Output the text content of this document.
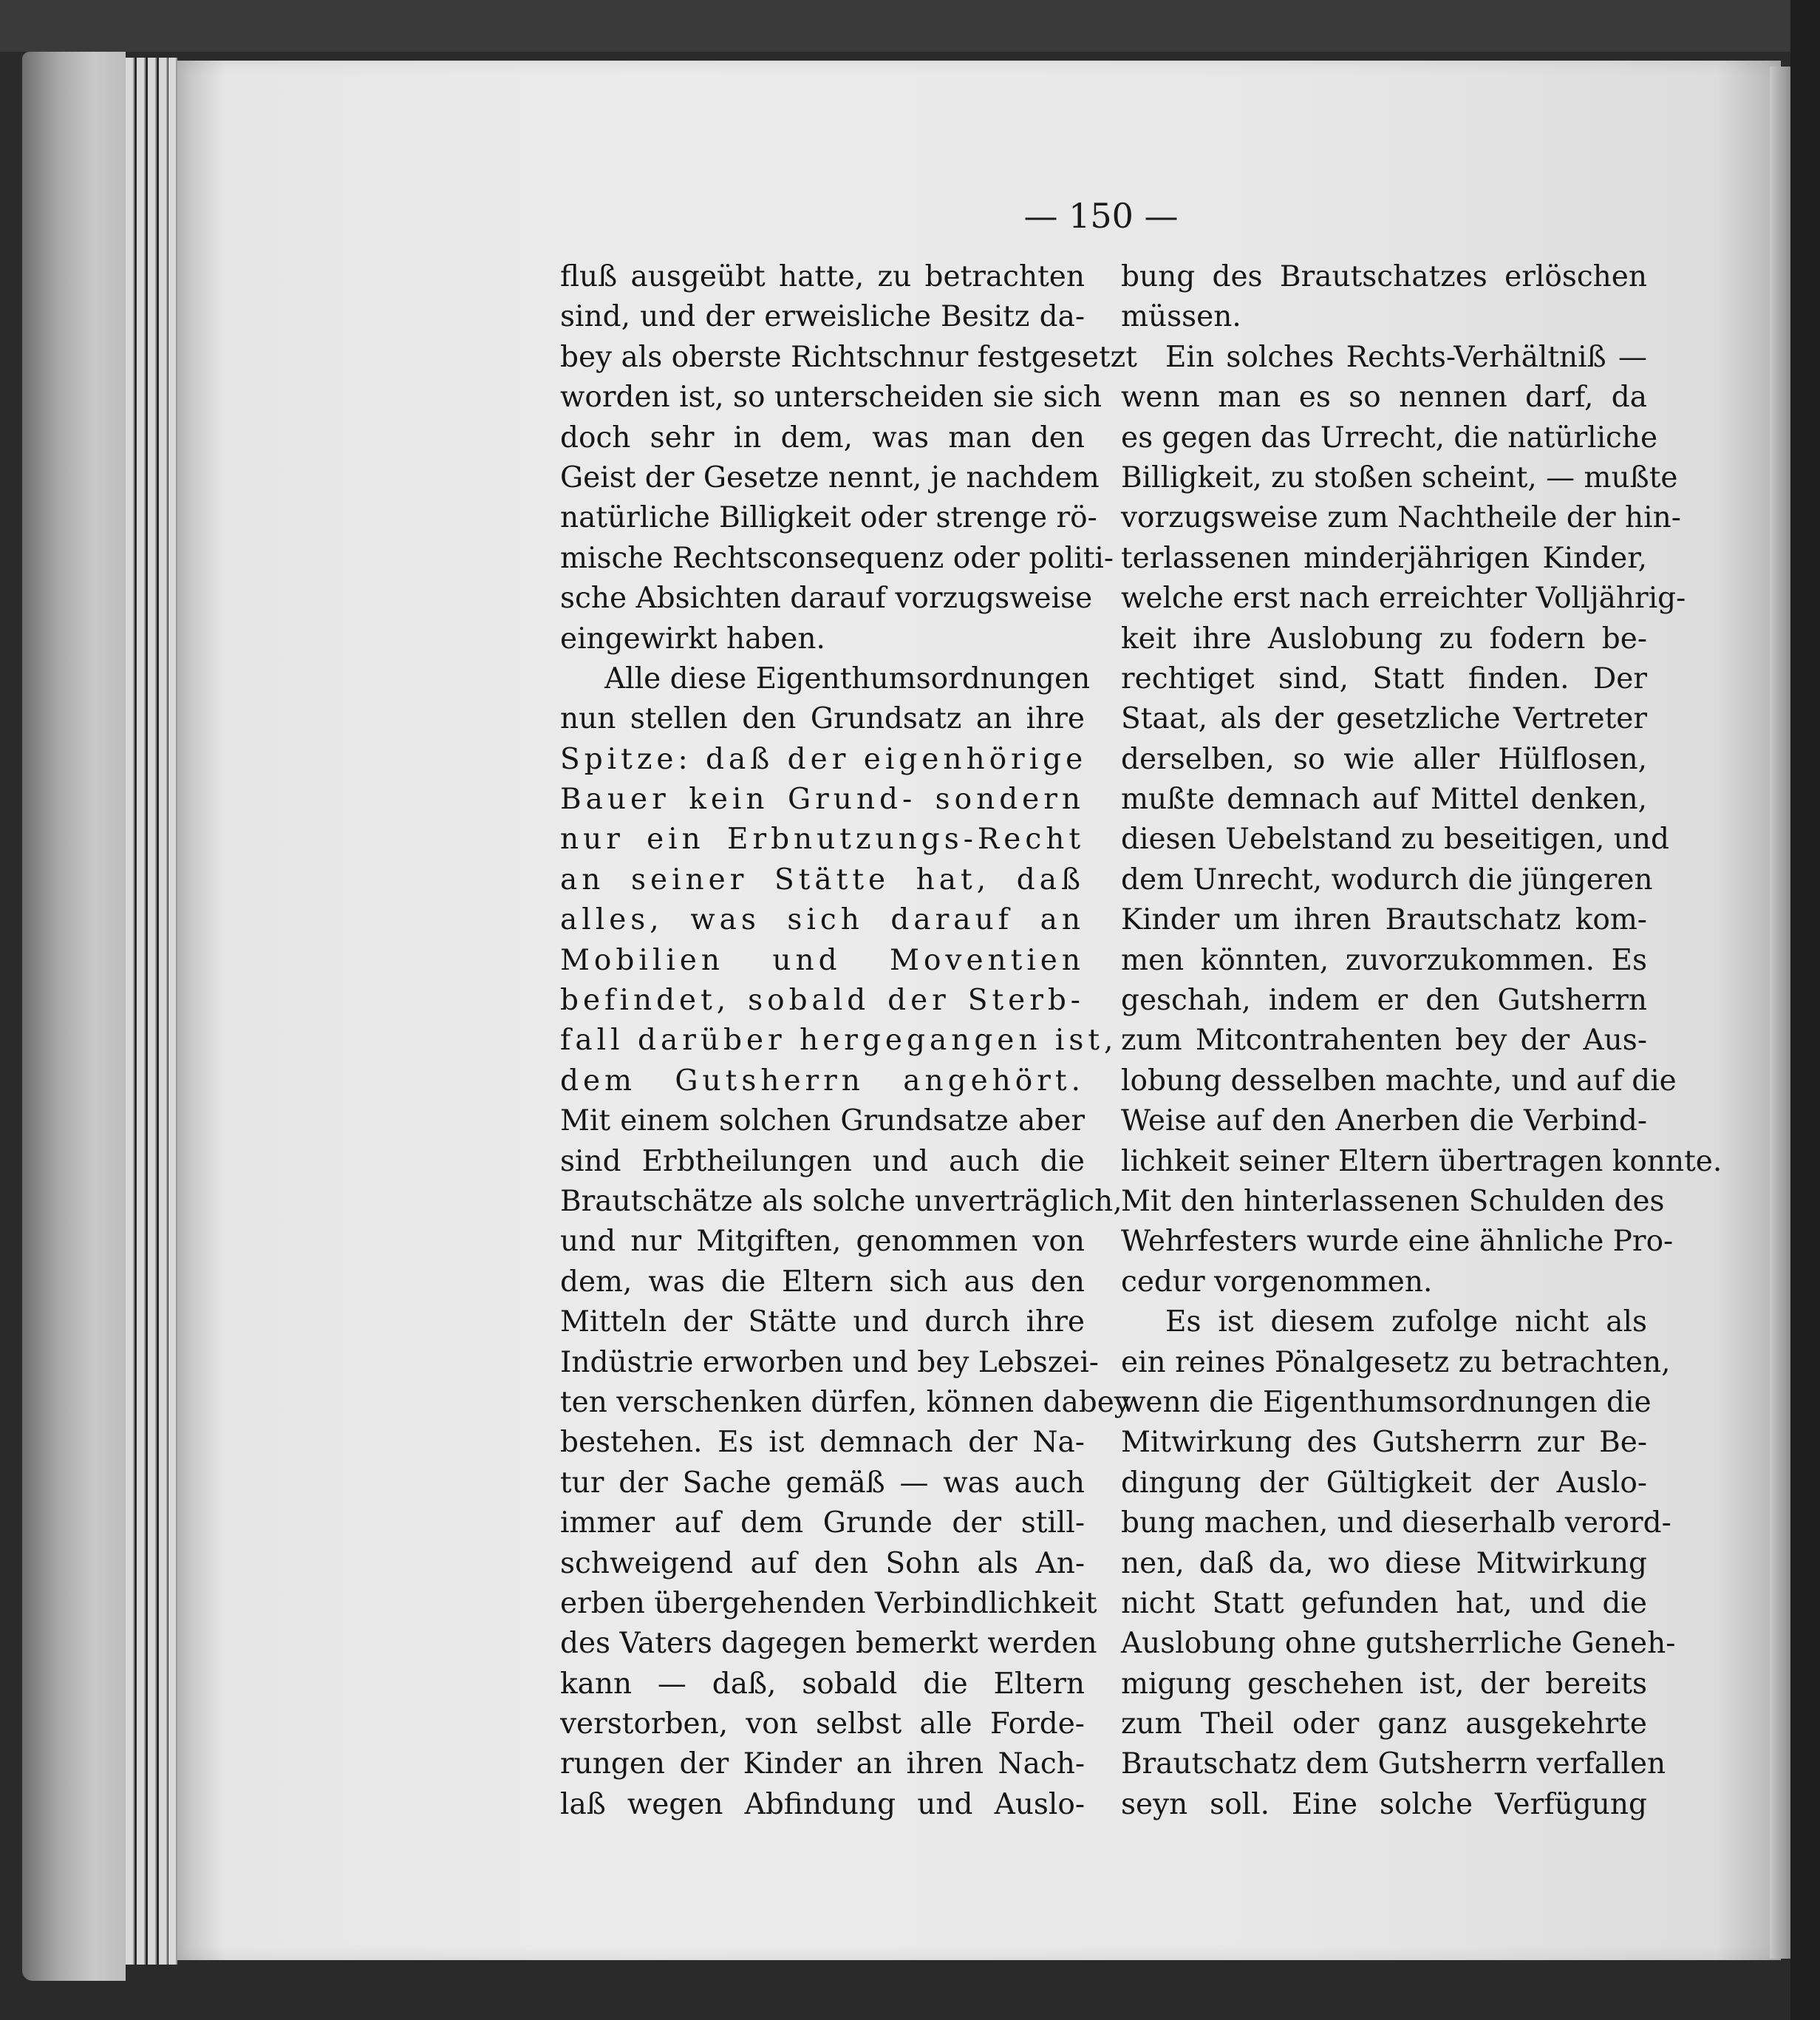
— 150 —
fluß ausgeübt hatte, zu betrachten
sind, und der erweisliche Besitz da-
bey als oberste Richtschnur festgesetzt
worden ist, so unterscheiden sie sich
doch sehr in dem, was man den
Geist der Gesetze nennt, je nachdem
natürliche Billigkeit oder strenge rö-
mische Rechtsconsequenz oder politi-
sche Absichten darauf vorzugsweise
eingewirkt haben.
Alle diese Eigenthumsordnungen
nun stellen den Grundsatz an ihre
Spitze: daß der eigenhörige
Bauer kein Grund- sondern
nur ein Erbnutzungs-Recht
an seiner Stätte hat, daß
alles, was sich darauf an
Mobilien und Moventien
befindet, sobald der Sterb-
fall darüber hergegangen ist,
dem Gutsherrn angehört.
Mit einem solchen Grundsatze aber
sind Erbtheilungen und auch die
Brautschätze als solche unverträglich,
und nur Mitgiften, genommen von
dem, was die Eltern sich aus den
Mitteln der Stätte und durch ihre
Indüstrie erworben und bey Lebszei-
ten verschenken dürfen, können dabey
bestehen. Es ist demnach der Na-
tur der Sache gemäß — was auch
immer auf dem Grunde der still-
schweigend auf den Sohn als An-
erben übergehenden Verbindlichkeit
des Vaters dagegen bemerkt werden
kann — daß, sobald die Eltern
verstorben, von selbst alle Forde-
rungen der Kinder an ihren Nach-
laß wegen Abfindung und Auslo-
bung des Brautschatzes erlöschen
müssen.
Ein solches Rechts-Verhältniß —
wenn man es so nennen darf, da
es gegen das Urrecht, die natürliche
Billigkeit, zu stoßen scheint, — mußte
vorzugsweise zum Nachtheile der hin-
terlassenen minderjährigen Kinder,
welche erst nach erreichter Volljährig-
keit ihre Auslobung zu fodern be-
rechtiget sind, Statt finden. Der
Staat, als der gesetzliche Vertreter
derselben, so wie aller Hülflosen,
mußte demnach auf Mittel denken,
diesen Uebelstand zu beseitigen, und
dem Unrecht, wodurch die jüngeren
Kinder um ihren Brautschatz kom-
men könnten, zuvorzukommen. Es
geschah, indem er den Gutsherrn
zum Mitcontrahenten bey der Aus-
lobung desselben machte, und auf die
Weise auf den Anerben die Verbind-
lichkeit seiner Eltern übertragen konnte.
Mit den hinterlassenen Schulden des
Wehrfesters wurde eine ähnliche Pro-
cedur vorgenommen.
Es ist diesem zufolge nicht als
ein reines Pönalgesetz zu betrachten,
wenn die Eigenthumsordnungen die
Mitwirkung des Gutsherrn zur Be-
dingung der Gültigkeit der Auslo-
bung machen, und dieserhalb verord-
nen, daß da, wo diese Mitwirkung
nicht Statt gefunden hat, und die
Auslobung ohne gutsherrliche Geneh-
migung geschehen ist, der bereits
zum Theil oder ganz ausgekehrte
Brautschatz dem Gutsherrn verfallen
seyn soll. Eine solche Verfügung
